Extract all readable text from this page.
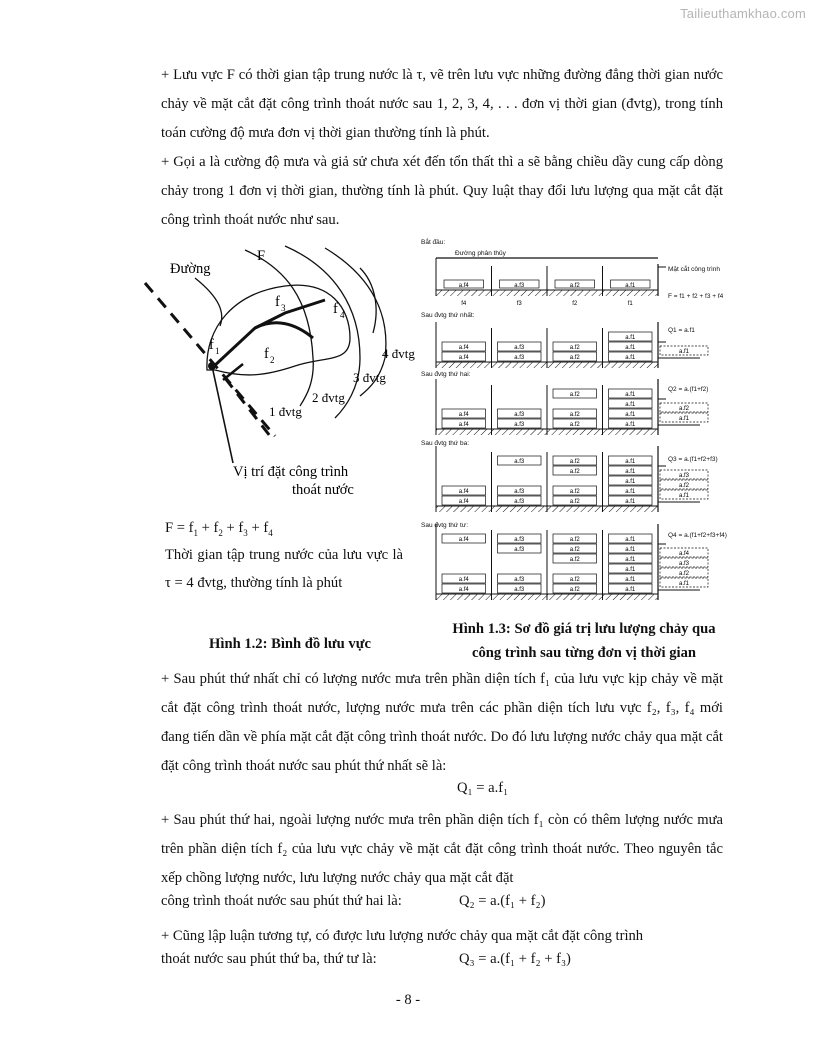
Tailieuthamkhao.com

+ Lưu vực F có thời gian tập trung nước là τ, vẽ trên lưu vực những đường đẳng thời gian nước chảy về mặt cắt đặt công trình thoát nước sau 1, 2, 3, 4, . . . đơn vị thời gian (đvtg), trong tính toán cường độ mưa đơn vị thời gian thường tính là phút.

+ Gọi a là cường độ mưa và giả sử chưa xét đến tổn thất thì a sẽ bằng chiều dầy cung cấp dòng chảy trong 1 đơn vị thời gian, thường tính là phút. Quy luật thay đổi lưu lượng qua mặt cắt đặt công trình thoát nước như sau.

Đường
F
f 1	f 2
f 3	f 4
1 đvtg
2 đvtg
3 đvtg
4 đvtg
Vị trí đặt công trình
thoát nước
$F = f_1 + f_2 + f_3 + f_4$

Thời gian tập trung nước của lưu vực là τ = 4 đvtg, thường tính là phút

Hình 1.2: Bình đồ lưu vực
Bắt đầu:
Đường phân thủy
Mặt cắt công trình
F = f1 + f2 + f3 + f4
Sau đvtg thứ nhất:
Sau đvtg thứ hai:
Sau đvtg thứ ba:
Sau đvtg thứ tư:
Q1 = a.f1
Q2 = a.(f1+f2)
Q3 = a.(f1+f2+f3)
Q4 = a.(f1+f2+f3+f4)
a.f4
f4
a.f3
f3
a.f2
f2
a.f1
f1
a.f4	a.f3	a.f2	a.f1
a.f4	a.f3	a.f2	a.f1
a.f1
a.f1
a.f4	a.f3	a.f2	a.f1
a.f4	a.f3	a.f2	a.f1
a.f1
a.f2	a.f1
a.f1
a.f2
a.f4	a.f3	a.f2	a.f1
a.f4	a.f3	a.f2	a.f1
a.f1
a.f2	a.f1
a.f3	a.f2	a.f1
a.f1
a.f2
a.f3
a.f4	a.f3	a.f2	a.f1
a.f4	a.f3	a.f2	a.f1
a.f1
a.f2	a.f1
a.f3	a.f2	a.f1
a.f4	a.f3	a.f2	a.f1
a.f1
a.f2
a.f3
a.f4
Hình 1.3: Sơ đồ giá trị lưu lượng chảy qua
công trình sau từng đơn vị thời gian
+ Sau phút thứ nhất chỉ có lượng nước mưa trên phần diện tích f₁ của lưu vực kịp chảy về mặt cắt đặt công trình thoát nước, lượng nước mưa trên các phần diện tích lưu vực f₂, f₃, f₄ mới đang tiến dần về phía mặt cắt đặt công trình thoát nước. Do đó lưu lượng nước chảy qua mặt cắt đặt công trình thoát nước sau phút thứ nhất sẽ là:
Q₁ = a.f₁
+ Sau phút thứ hai, ngoài lượng nước mưa trên phần diện tích f₁ còn có thêm lượng nước mưa trên phần diện tích f₂ của lưu vực chảy về mặt cắt đặt công trình thoát nước. Theo nguyên tắc xếp chồng lượng nước, lưu lượng nước chảy qua mặt cắt đặt
công trình thoát nước sau phút thứ hai là:	Q₂ = a.(f₁ + f₂)
+ Cũng lập luận tương tự, có được lưu lượng nước chảy qua mặt cắt đặt công trình
thoát nước sau phút thứ ba, thứ tư là:	Q₃ = a.(f₁ + f₂ + f₃)
- 8 -
